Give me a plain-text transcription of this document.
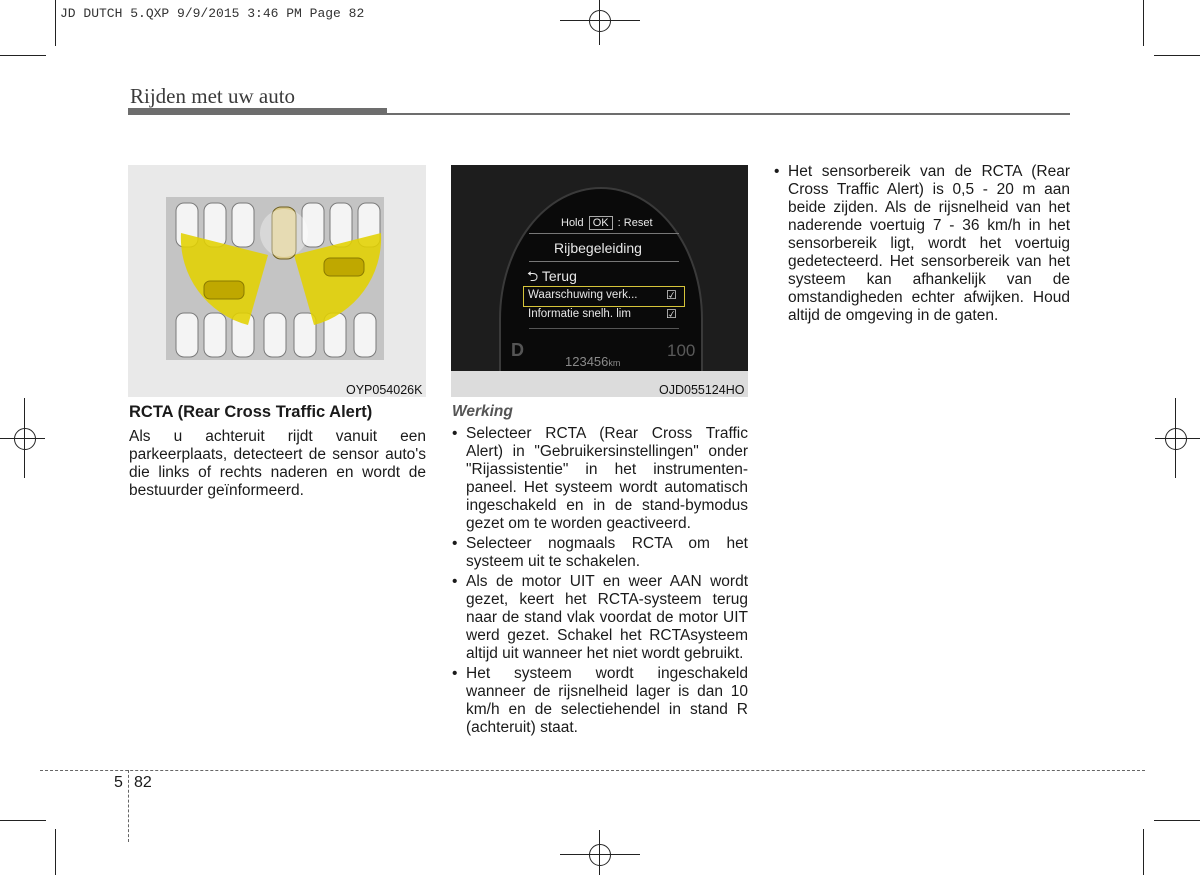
JD DUTCH 5.QXP 9/9/2015 3:46 PM Page 82
Rijden met uw auto
OYP054026K
Hold OK : Reset
Rijbegeleiding
⮌ Terug
Waarschuwing verk... ☑
Informatie snelh. lim	☑
D
123456km
100
OJD055124HO
RCTA (Rear Cross Traffic Alert)
Als u achteruit rijdt vanuit een parkeerplaats, detecteert de sensor auto's die links of rechts naderen en wordt de bestuurder geïnformeerd.
Werking
• Selecteer RCTA (Rear Cross Traffic Alert) in "Gebruikersinstellingen" onder "Rijassistentie" in het instrumenten- paneel. Het systeem wordt automatisch ingeschakeld en in de stand-bymodus gezet om te worden geactiveerd.
• Selecteer nogmaals RCTA om het systeem uit te schakelen.
• Als de motor UIT en weer AAN wordt gezet, keert het RCTA-systeem terug naar de stand vlak voordat de motor UIT werd gezet. Schakel het RCTAsysteem altijd uit wanneer het niet wordt gebruikt.
• Het systeem wordt ingeschakeld wanneer de rijsnelheid lager is dan 10 km/h en de selectiehendel in stand R (achteruit) staat.
• Het sensorbereik van de RCTA (Rear Cross Traffic Alert) is 0,5 - 20 m aan beide zijden. Als de rijsnelheid van het naderende voertuig 7 - 36 km/h in het sensorbereik ligt, wordt het voertuig gedetecteerd. Het sensorbereik van het systeem kan afhankelijk van de omstandigheden echter afwijken. Houd altijd de omgeving in de gaten.
5 82
